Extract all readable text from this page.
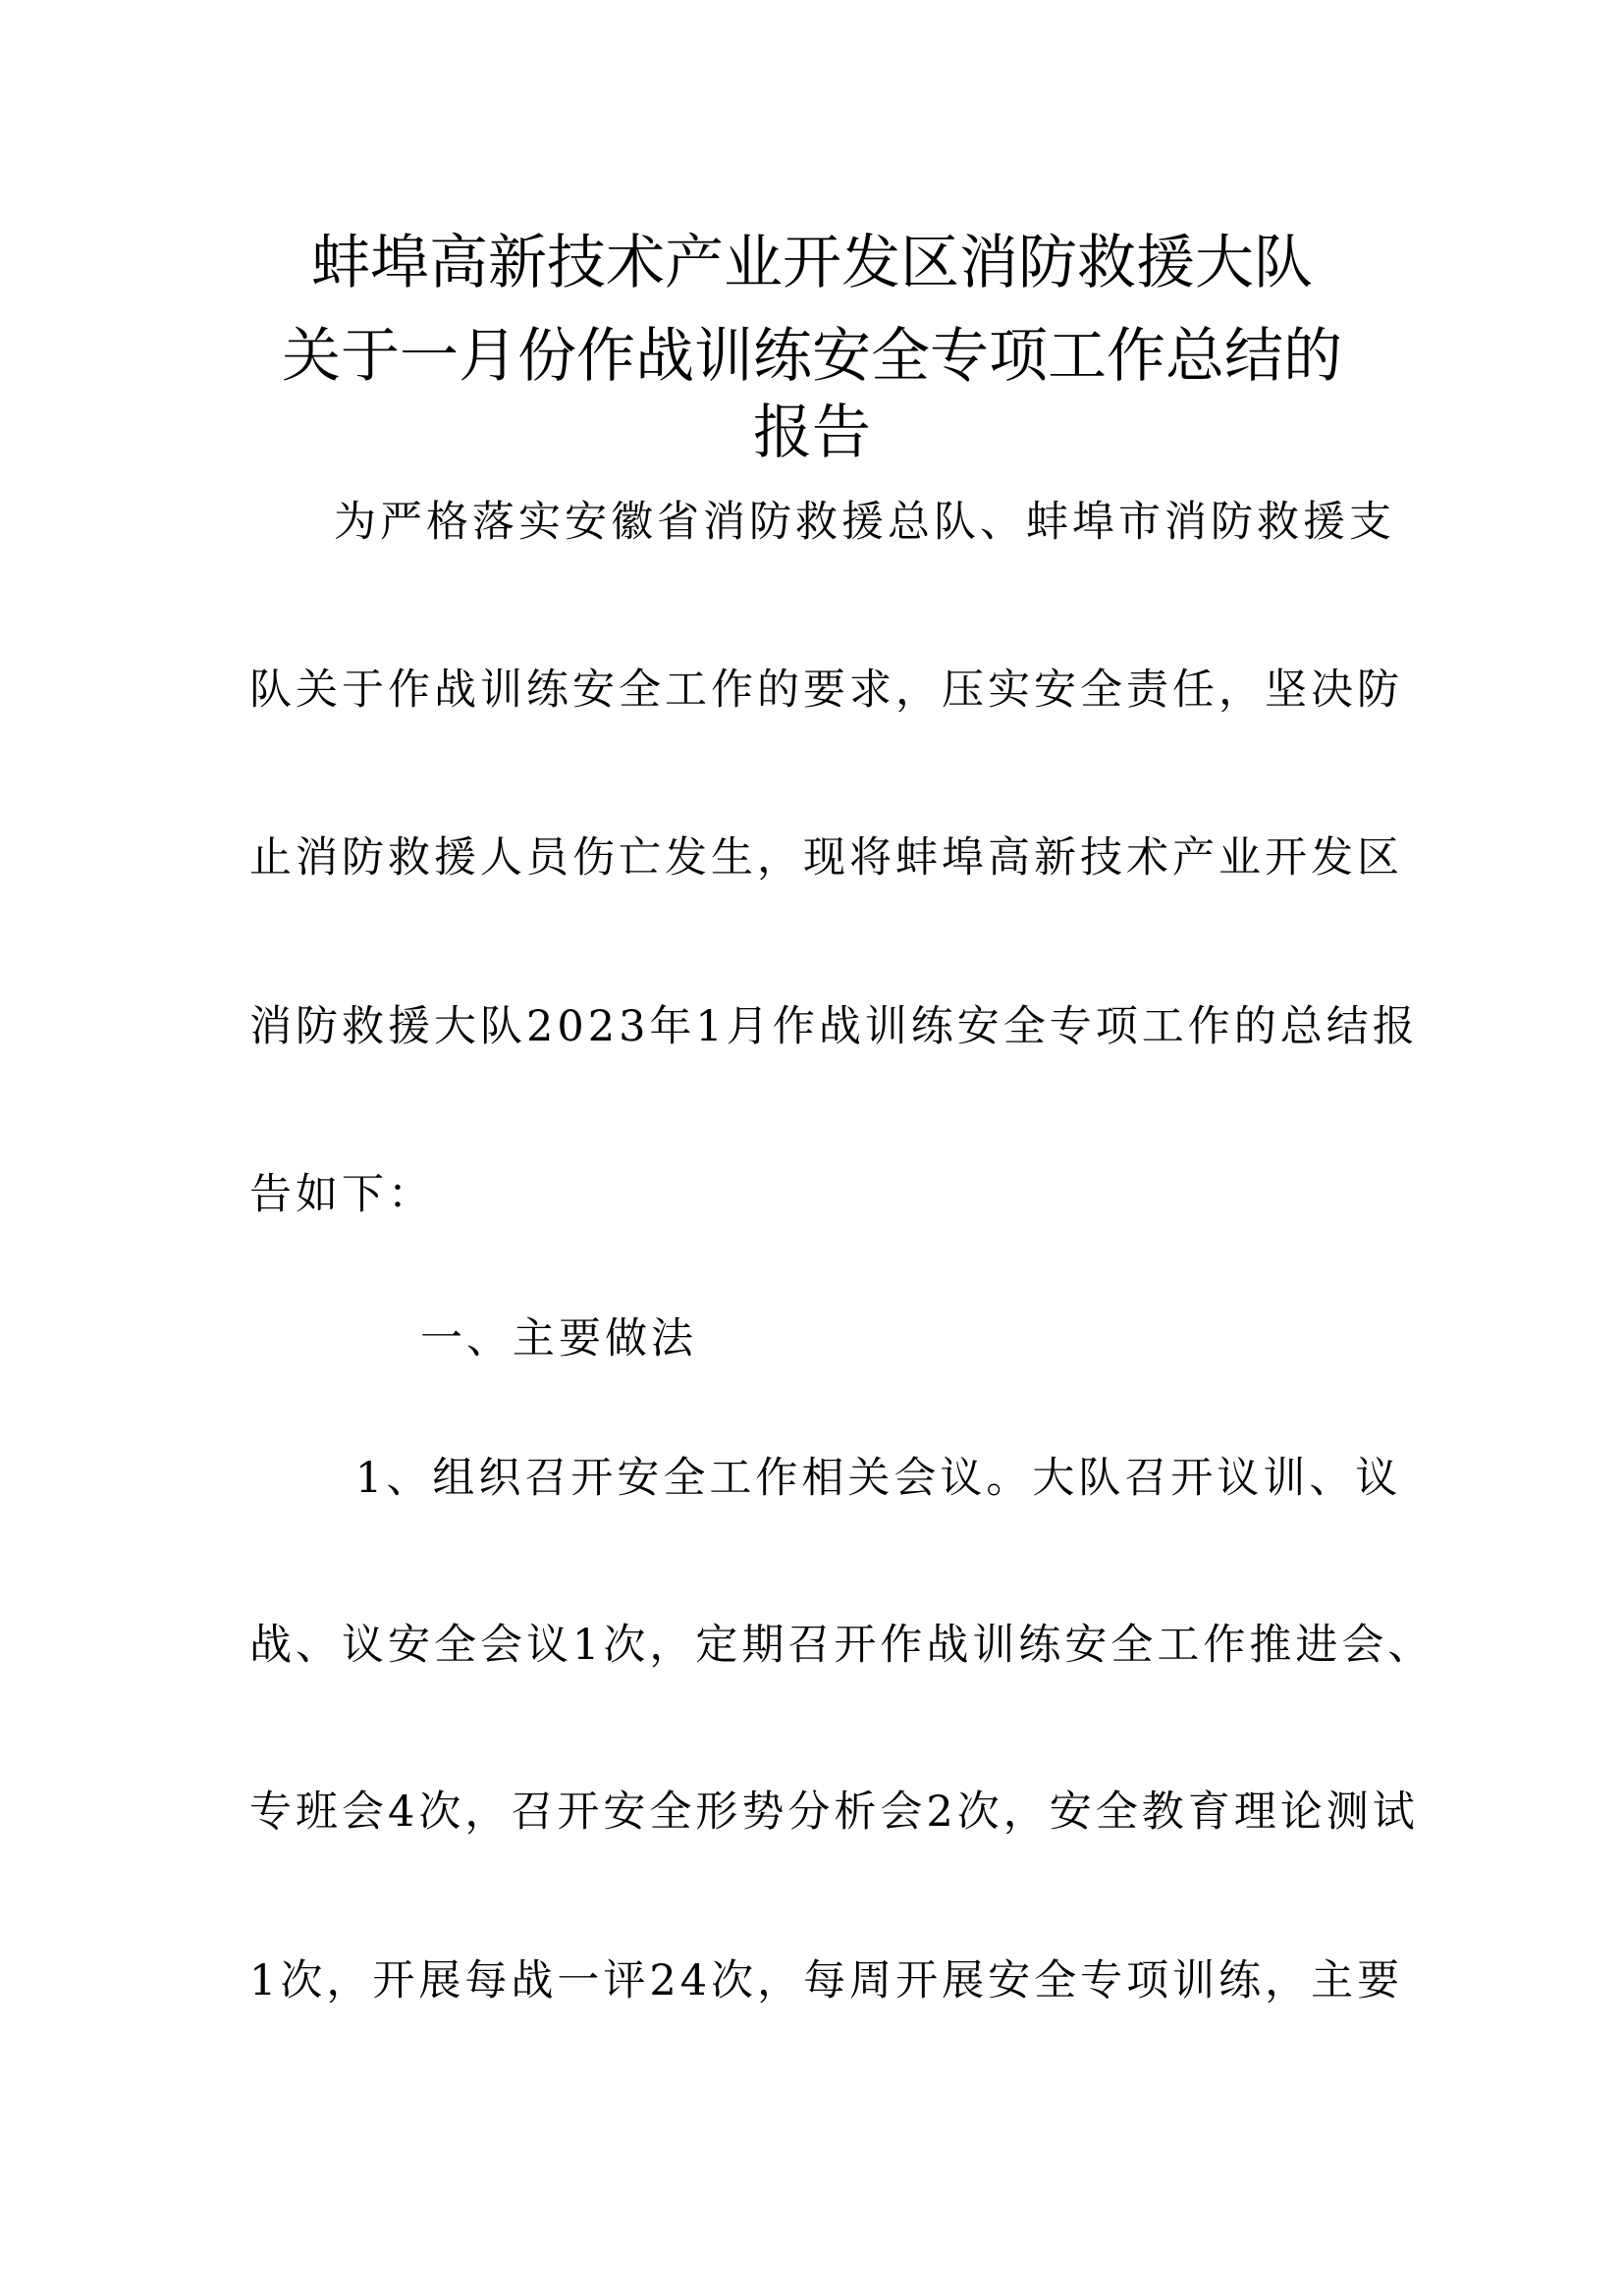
蚌埠高新技术产业开发区消防救援大队
关于一月份作战训练安全专项工作总结的
报告
为严格落实安徽省消防救援总队、蚌埠市消防救援支
队关于作战训练安全工作的要求，压实安全责任，坚决防
止消防救援人员伤亡发生，现将蚌埠高新技术产业开发区
消防救援大队2023年1月作战训练安全专项工作的总结报
告如下：
一、主要做法
1、组织召开安全工作相关会议。大队召开议训、议
战、议安全会议1次，定期召开作战训练安全工作推进会、
专班会4次，召开安全形势分析会2次，安全教育理论测试
1次，开展每战一评24次，每周开展安全专项训练，主要
